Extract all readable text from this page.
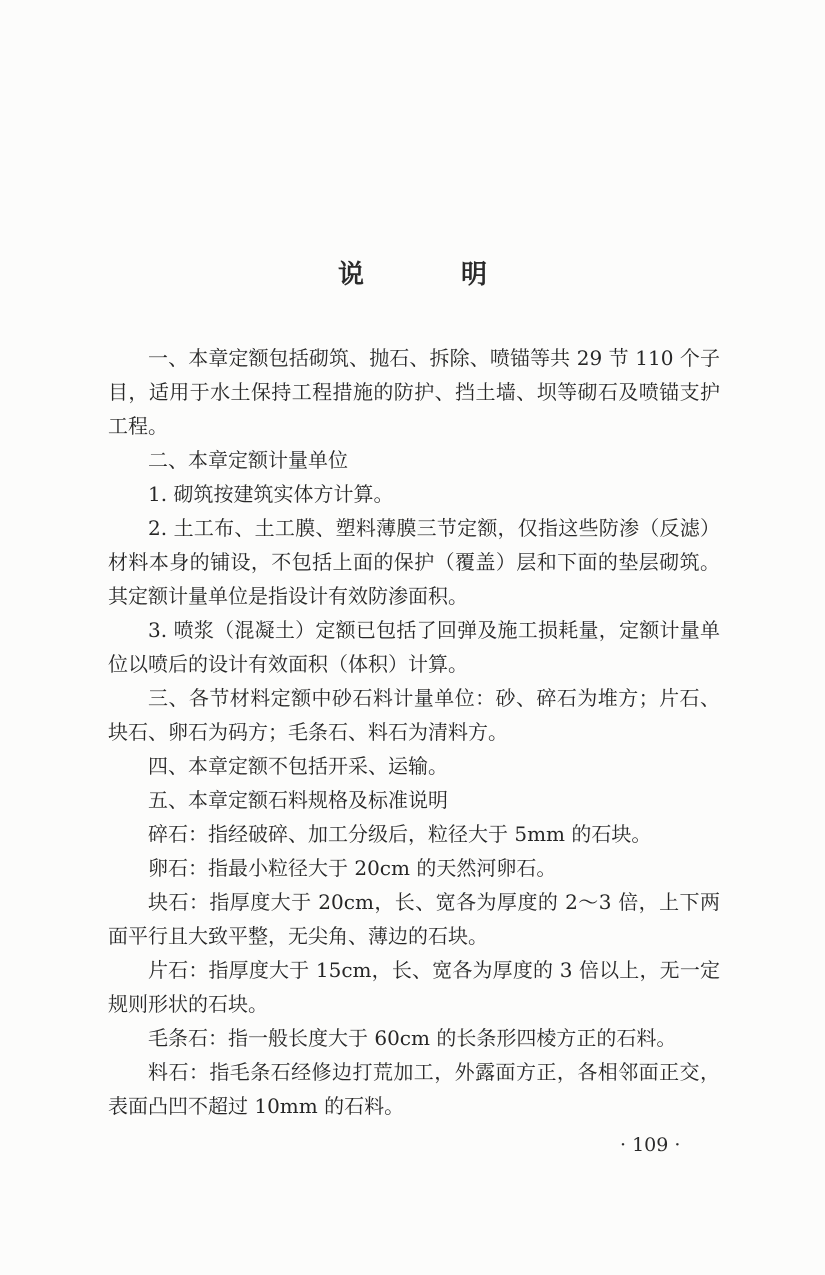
说 明

一、本章定额包括砌筑、抛石、拆除、喷锚等共 29 节 110 个子目，适用于水土保持工程措施的防护、挡土墙、坝等砌石及喷锚支护工程。

二、本章定额计量单位

1. 砌筑按建筑实体方计算。

2. 土工布、土工膜、塑料薄膜三节定额，仅指这些防渗（反滤）材料本身的铺设，不包括上面的保护（覆盖）层和下面的垫层砌筑。其定额计量单位是指设计有效防渗面积。

3. 喷浆（混凝土）定额已包括了回弹及施工损耗量，定额计量单位以喷后的设计有效面积（体积）计算。

三、各节材料定额中砂石料计量单位：砂、碎石为堆方；片石、块石、卵石为码方；毛条石、料石为清料方。

四、本章定额不包括开采、运输。

五、本章定额石料规格及标准说明

碎石：指经破碎、加工分级后，粒径大于 5mm 的石块。

卵石：指最小粒径大于 20cm 的天然河卵石。

块石：指厚度大于 20cm，长、宽各为厚度的 2～3 倍，上下两面平行且大致平整，无尖角、薄边的石块。

片石：指厚度大于 15cm，长、宽各为厚度的 3 倍以上，无一定规则形状的石块。

毛条石：指一般长度大于 60cm 的长条形四棱方正的石料。

料石：指毛条石经修边打荒加工，外露面方正，各相邻面正交，表面凸凹不超过 10mm 的石料。

· 109 ·
